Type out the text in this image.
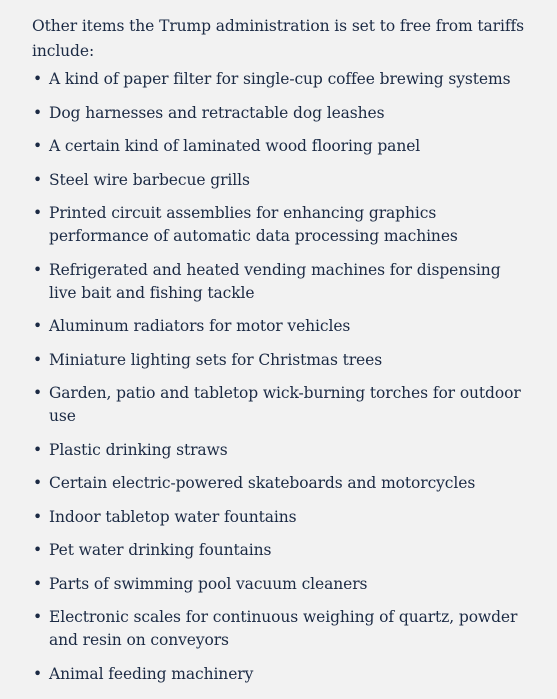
Other items the Trump administration is set to free from tariffs include:

• A kind of paper filter for single-cup coffee brewing systems
• Dog harnesses and retractable dog leashes
• A certain kind of laminated wood flooring panel
• Steel wire barbecue grills
• Printed circuit assemblies for enhancing graphics performance of automatic data processing machines
• Refrigerated and heated vending machines for dispensing live bait and fishing tackle
• Aluminum radiators for motor vehicles
• Miniature lighting sets for Christmas trees
• Garden, patio and tabletop wick-burning torches for outdoor use
• Plastic drinking straws
• Certain electric-powered skateboards and motorcycles
• Indoor tabletop water fountains
• Pet water drinking fountains
• Parts of swimming pool vacuum cleaners
• Electronic scales for continuous weighing of quartz, powder and resin on conveyors
• Animal feeding machinery
